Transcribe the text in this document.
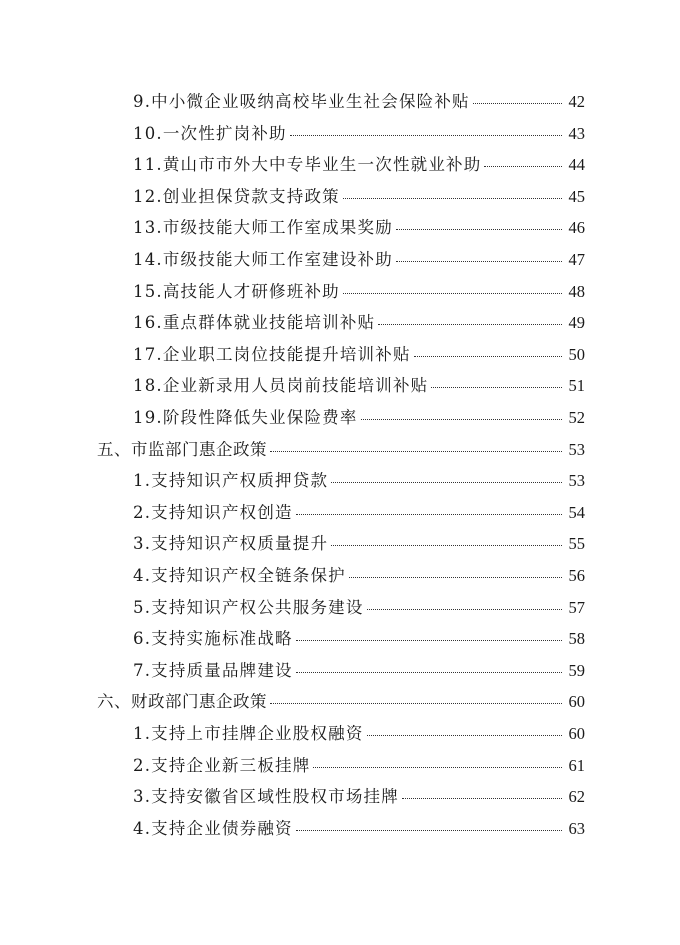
9.中小微企业吸纳高校毕业生社会保险补贴	42
10.一次性扩岗补助	43
11.黄山市市外大中专毕业生一次性就业补助	44
12.创业担保贷款支持政策	45
13.市级技能大师工作室成果奖励	46
14.市级技能大师工作室建设补助	47
15.高技能人才研修班补助	48
16.重点群体就业技能培训补贴	49
17.企业职工岗位技能提升培训补贴	50
18.企业新录用人员岗前技能培训补贴	51
19.阶段性降低失业保险费率	52
五、市监部门惠企政策	53
1.支持知识产权质押贷款	53
2.支持知识产权创造	54
3.支持知识产权质量提升	55
4.支持知识产权全链条保护	56
5.支持知识产权公共服务建设	57
6.支持实施标准战略	58
7.支持质量品牌建设	59
六、财政部门惠企政策	60
1.支持上市挂牌企业股权融资	60
2.支持企业新三板挂牌	61
3.支持安徽省区域性股权市场挂牌	62
4.支持企业债券融资	63
